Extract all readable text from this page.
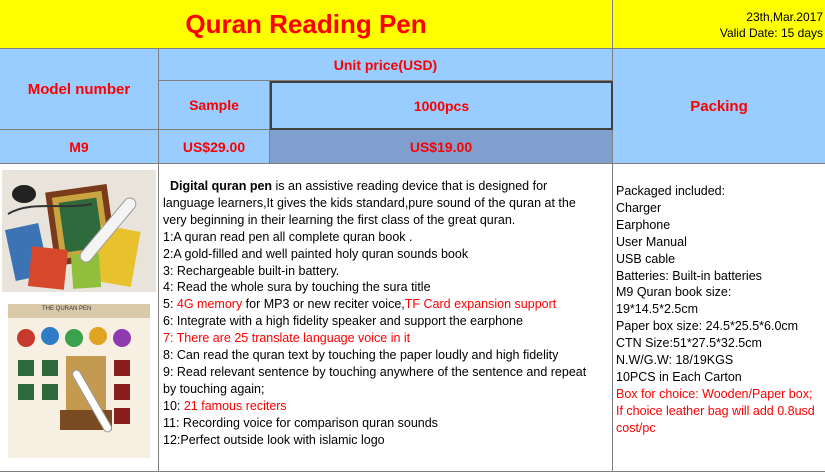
Quran Reading Pen	23th,Mar.2017
Valid Date: 15 days
Model number
Unit price(USD)
Sample	1000pcs	Packing
M9	US$29.00	US$19.00
THE QURAN PEN

Digital quran pen is an assistive reading device that is designed for

language learners,It gives the kids standard,pure sound of the quran at the

very beginning in their learning the first class of the great quran.

1:A quran read pen all complete quran book .

2:A gold-filled and well painted holy quran sounds book

3: Rechargeable built-in battery.

4: Read the whole sura by touching the sura title

5: 4G memory for MP3 or new reciter voice,TF Card expansion support

6: Integrate with a high fidelity speaker and support the earphone

7: There are 25 translate language voice in it

8: Can read the quran text by touching the paper loudly and high fidelity

9: Read relevant sentence by touching anywhere of the sentence and repeat

by touching again;

10: 21 famous reciters

11: Recording voice for comparison quran sounds

12:Perfect outside look with islamic logo

Packaged included:

Charger

Earphone

User Manual

USB cable

Batteries: Built-in batteries

M9 Quran book size:

19*14.5*2.5cm

Paper box size: 24.5*25.5*6.0cm

CTN Size:51*27.5*32.5cm

N.W/G.W: 18/19KGS

10PCS in Each Carton

Box for choice: Wooden/Paper box;

If choice leather bag will add 0.8usd

cost/pc
